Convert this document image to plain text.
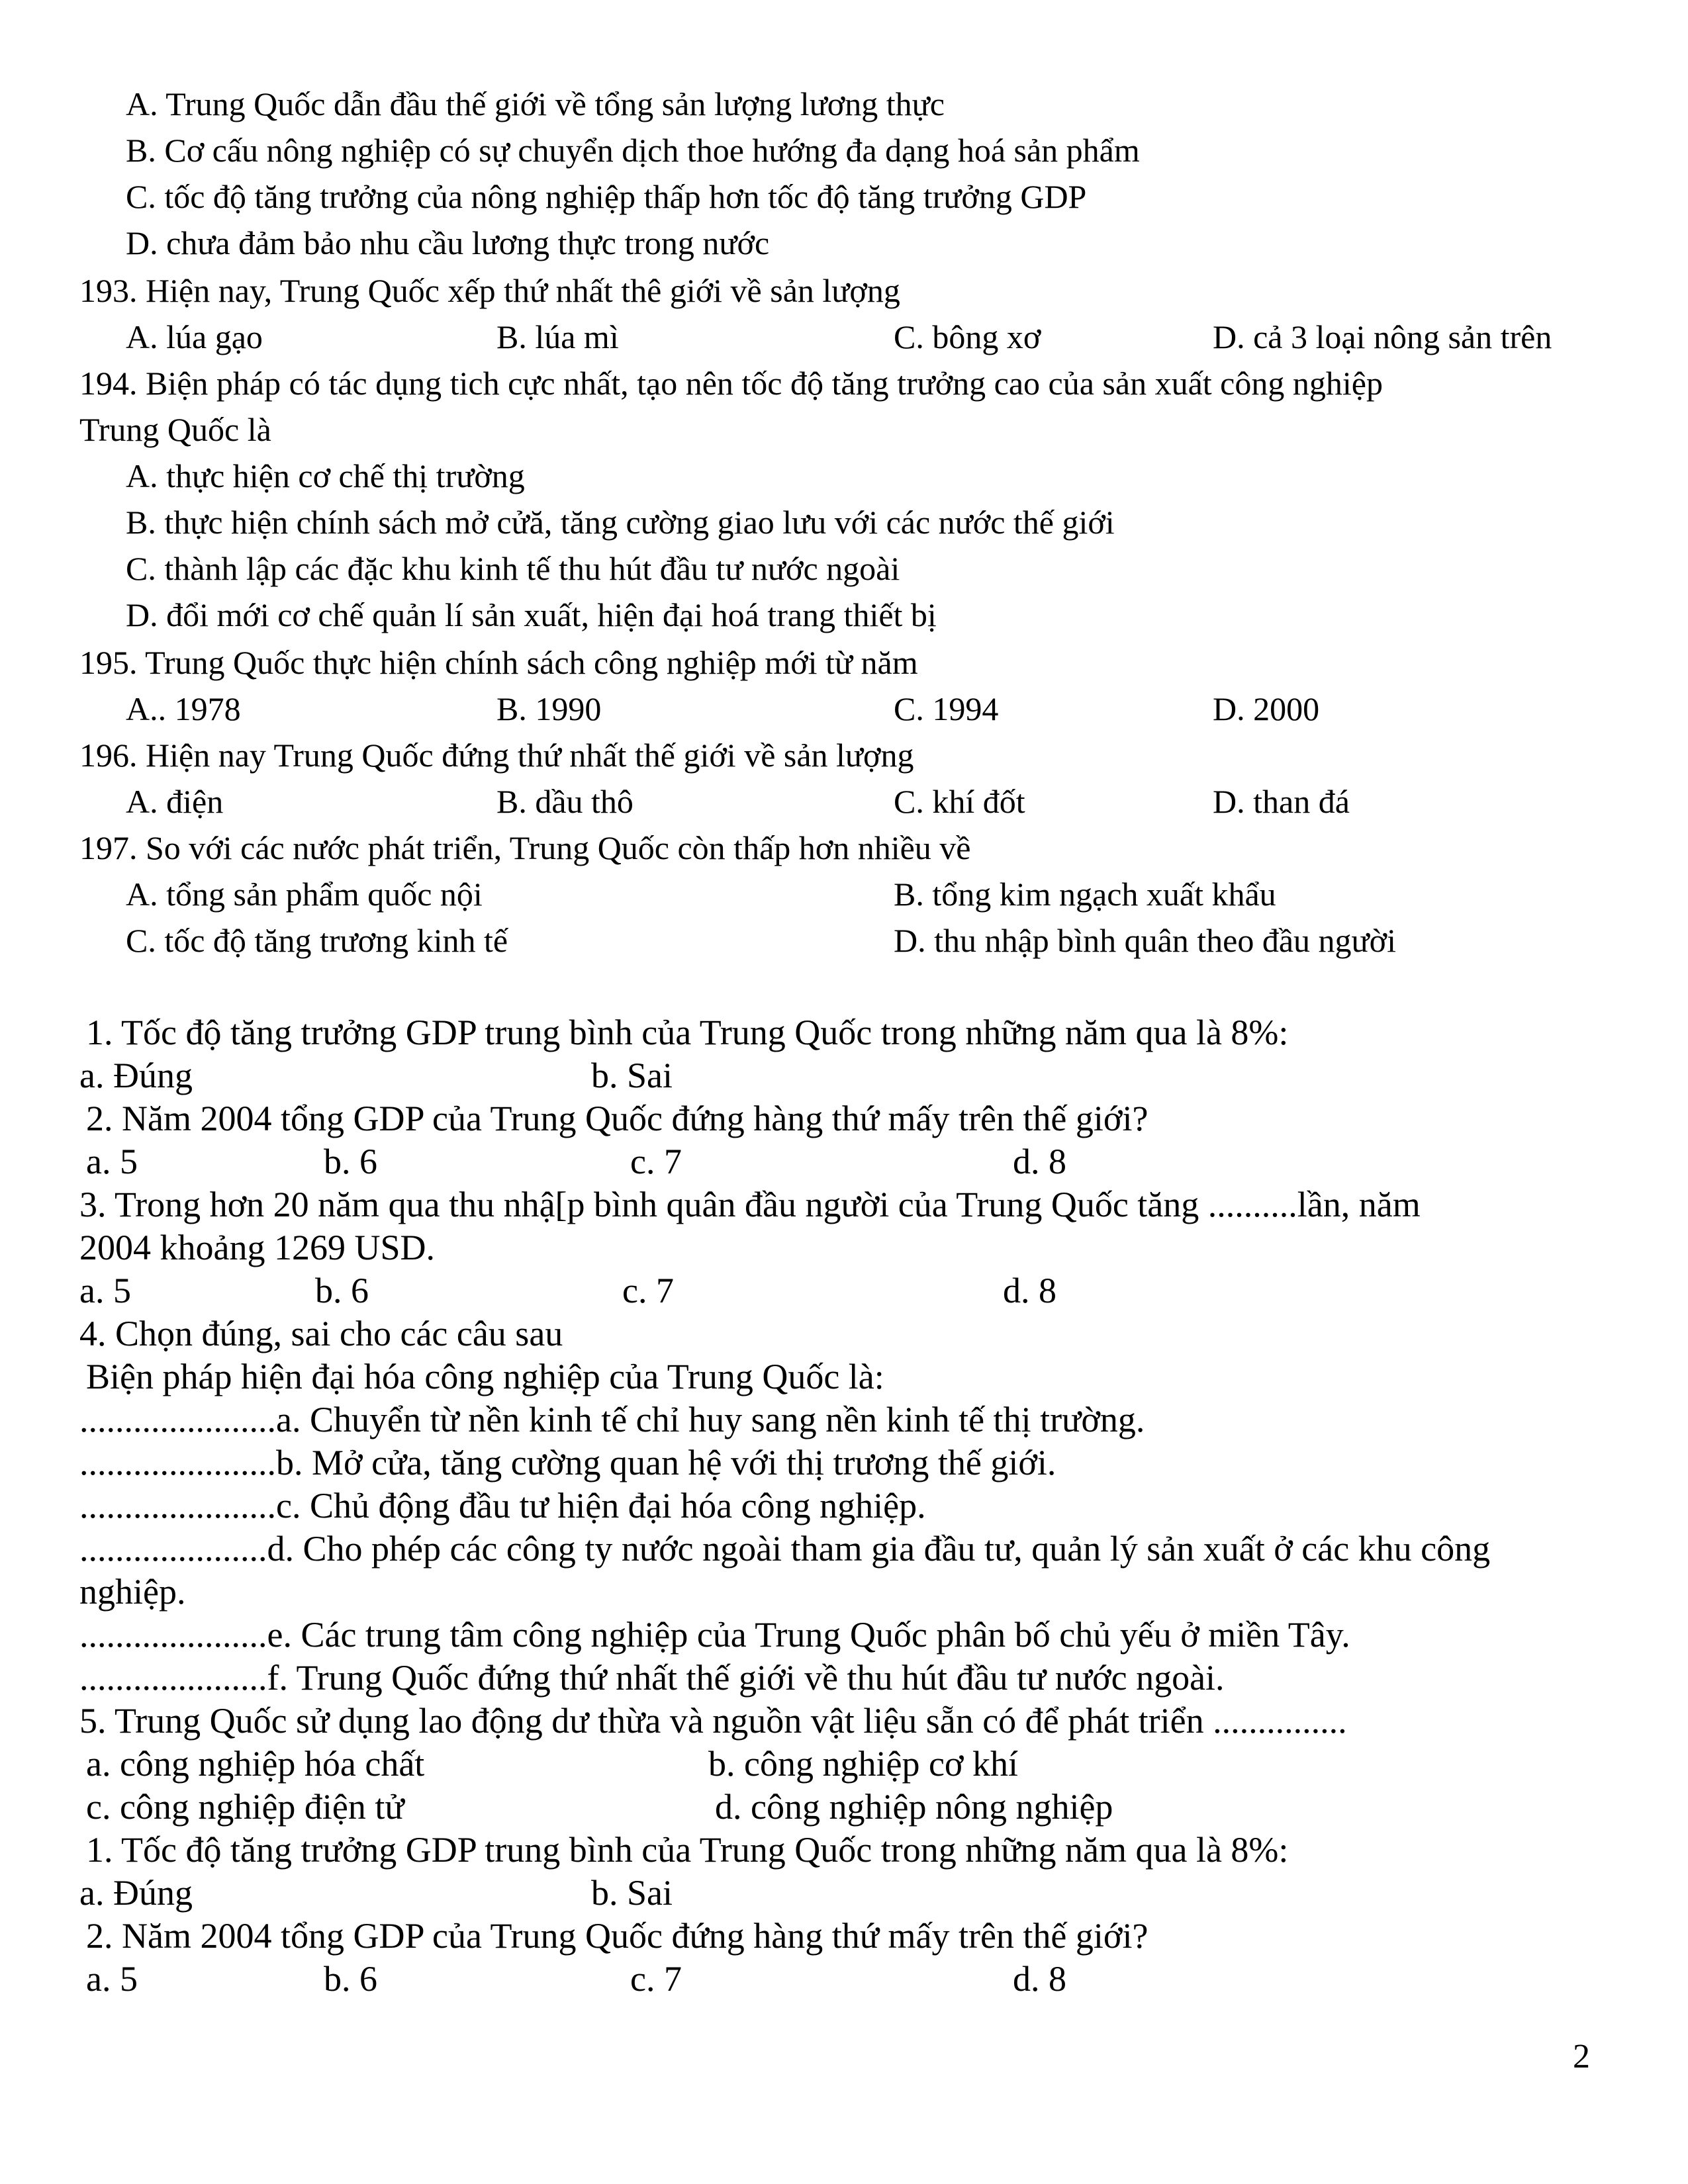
A. Trung Quốc dẫn đầu thế giới về tổng sản lượng lương thực
B. Cơ cấu nông nghiệp có sự chuyển dịch thoe hướng đa dạng hoá sản phẩm
C. tốc độ tăng trưởng của nông nghiệp thấp hơn tốc độ tăng trưởng GDP
D. chưa đảm bảo nhu cầu lương thực trong nước
193. Hiện nay, Trung Quốc xếp thứ nhất thê giới về sản lượng
A. lúa gạo	B. lúa mì	C. bông xơ	D. cả 3 loại nông sản trên
194. Biện pháp có tác dụng tich cực nhất, tạo nên tốc độ tăng trưởng cao của sản xuất công nghiệp
Trung Quốc là
A. thực hiện cơ chế thị trường
B. thực hiện chính sách mở cửă, tăng cường giao lưu với các nước thế giới
C. thành lập các đặc khu kinh tế thu hút đầu tư nước ngoài
D. đổi mới cơ chế quản lí sản xuất, hiện đại hoá trang thiết bị
195. Trung Quốc thực hiện chính sách công nghiệp mới từ năm
A.. 1978	B. 1990	C. 1994	D. 2000
196. Hiện nay Trung Quốc đứng thứ nhất thế giới về sản lượng
A. điện	B. dầu thô	C. khí đốt	D. than đá
197. So với các nước phát triển, Trung Quốc còn thấp hơn nhiều về
A. tổng sản phẩm quốc nội	B. tổng kim ngạch xuất khẩu
C. tốc độ tăng trương kinh tế	D. thu nhập bình quân theo đầu người
1. Tốc độ tăng trưởng GDP trung bình của Trung Quốc trong những năm qua là 8%:
a. Đúng	b. Sai
2. Năm 2004 tổng GDP của Trung Quốc đứng hàng thứ mấy trên thế giới?
a. 5	b. 6	c. 7	d. 8
3. Trong hơn 20 năm qua thu nhậ[p bình quân đầu người của Trung Quốc tăng ..........lần, năm
2004 khoảng 1269 USD.
a. 5	b. 6	c. 7	d. 8
4. Chọn đúng, sai cho các câu sau
Biện pháp hiện đại hóa công nghiệp của Trung Quốc là:
......................a. Chuyển từ nền kinh tế chỉ huy sang nền kinh tế thị trường.
......................b. Mở cửa, tăng cường quan hệ với thị trương thế giới.
......................c. Chủ động đầu tư hiện đại hóa công nghiệp.
.....................d. Cho phép các công ty nước ngoài tham gia đầu tư, quản lý sản xuất ở các khu công
nghiệp.
.....................e. Các trung tâm công nghiệp của Trung Quốc phân bố chủ yếu ở miền Tây.
.....................f. Trung Quốc đứng thứ nhất thế giới về thu hút đầu tư nước ngoài.
5. Trung Quốc sử dụng lao động dư thừa và nguồn vật liệu sẵn có để phát triển ...............
a. công nghiệp hóa chất	b. công nghiệp cơ khí
c. công nghiệp điện tử	d. công nghiệp nông nghiệp
1. Tốc độ tăng trưởng GDP trung bình của Trung Quốc trong những năm qua là 8%:
a. Đúng	b. Sai
2. Năm 2004 tổng GDP của Trung Quốc đứng hàng thứ mấy trên thế giới?
a. 5	b. 6	c. 7	d. 8
2
